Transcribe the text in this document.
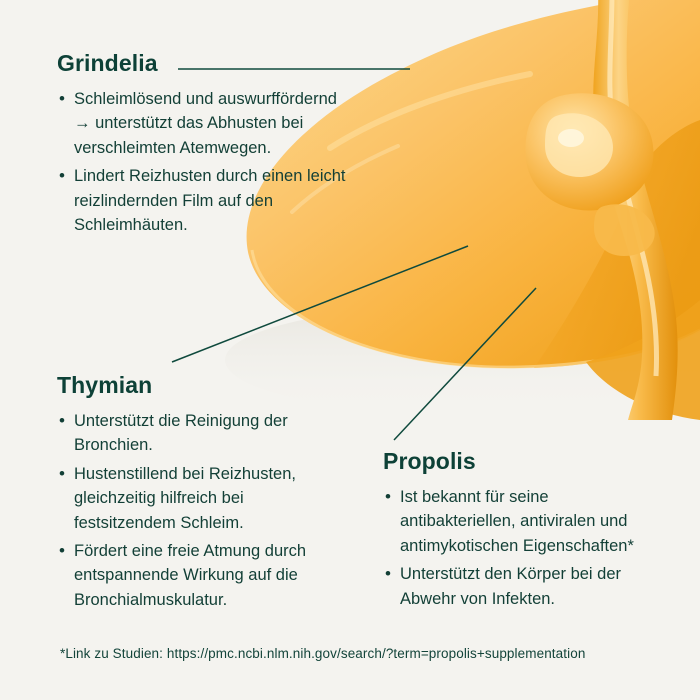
Grindelia
• Schleimlösend und auswurffördernd → unterstützt das Abhusten bei verschleimten Atemwegen.
• Lindert Reizhusten durch einen leicht reizlindernden Film auf den Schleimhäuten.
Thymian
• Unterstützt die Reinigung der Bronchien.
• Hustenstillend bei Reizhusten, gleichzeitig hilfreich bei festsitzendem Schleim.
• Fördert eine freie Atmung durch entspannende Wirkung auf die Bronchialmuskulatur.
Propolis
• Ist bekannt für seine antibakteriellen, antiviralen und antimykotischen Eigenschaften*
• Unterstützt den Körper bei der Abwehr von Infekten.
*Link zu Studien: https://pmc.ncbi.nlm.nih.gov/search/?term=propolis+supplementation
